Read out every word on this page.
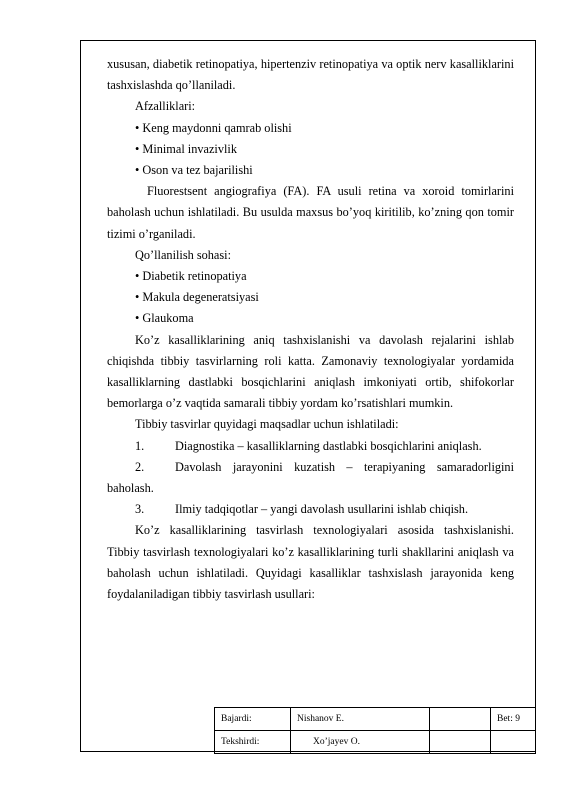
xususan, diabetik retinopatiya, hipertenziv retinopatiya va optik nerv kasalliklarini tashxislashda qo’llaniladi.

Afzalliklari:

• Keng maydonni qamrab olishi

• Minimal invazivlik

• Oson va tez bajarilishi

Fluorestsent angiografiya (FA). FA usuli retina va xoroid tomirlarini baholash uchun ishlatiladi. Bu usulda maxsus bo’yoq kiritilib, ko’zning qon tomir tizimi o’rganiladi.

Qo’llanilish sohasi:

• Diabetik retinopatiya

• Makula degeneratsiyasi

• Glaukoma

Ko’z kasalliklarining aniq tashxislanishi va davolash rejalarini ishlab chiqishda tibbiy tasvirlarning roli katta. Zamonaviy texnologiyalar yordamida kasalliklarning dastlabki bosqichlarini aniqlash imkoniyati ortib, shifokorlar bemorlarga o’z vaqtida samarali tibbiy yordam ko’rsatishlari mumkin.

Tibbiy tasvirlar quyidagi maqsadlar uchun ishlatiladi:

1.	Diagnostika – kasalliklarning dastlabki bosqichlarini aniqlash.
2.	Davolash jarayonini kuzatish – terapiyaning samaradorligini

baholash.

3.	Ilmiy tadqiqotlar – yangi davolash usullarini ishlab chiqish.

Ko’z kasalliklarining tasvirlash texnologiyalari asosida tashxislanishi. Tibbiy tasvirlash texnologiyalari ko’z kasalliklarining turli shakllarini aniqlash va baholash uchun ishlatiladi. Quyidagi kasalliklar tashxislash jarayonida keng foydalaniladigan tibbiy tasvirlash usullari:

Bajardi:	Nishanov E.		Bet: 9
Tekshirdi:	Xo’jayev O.		
